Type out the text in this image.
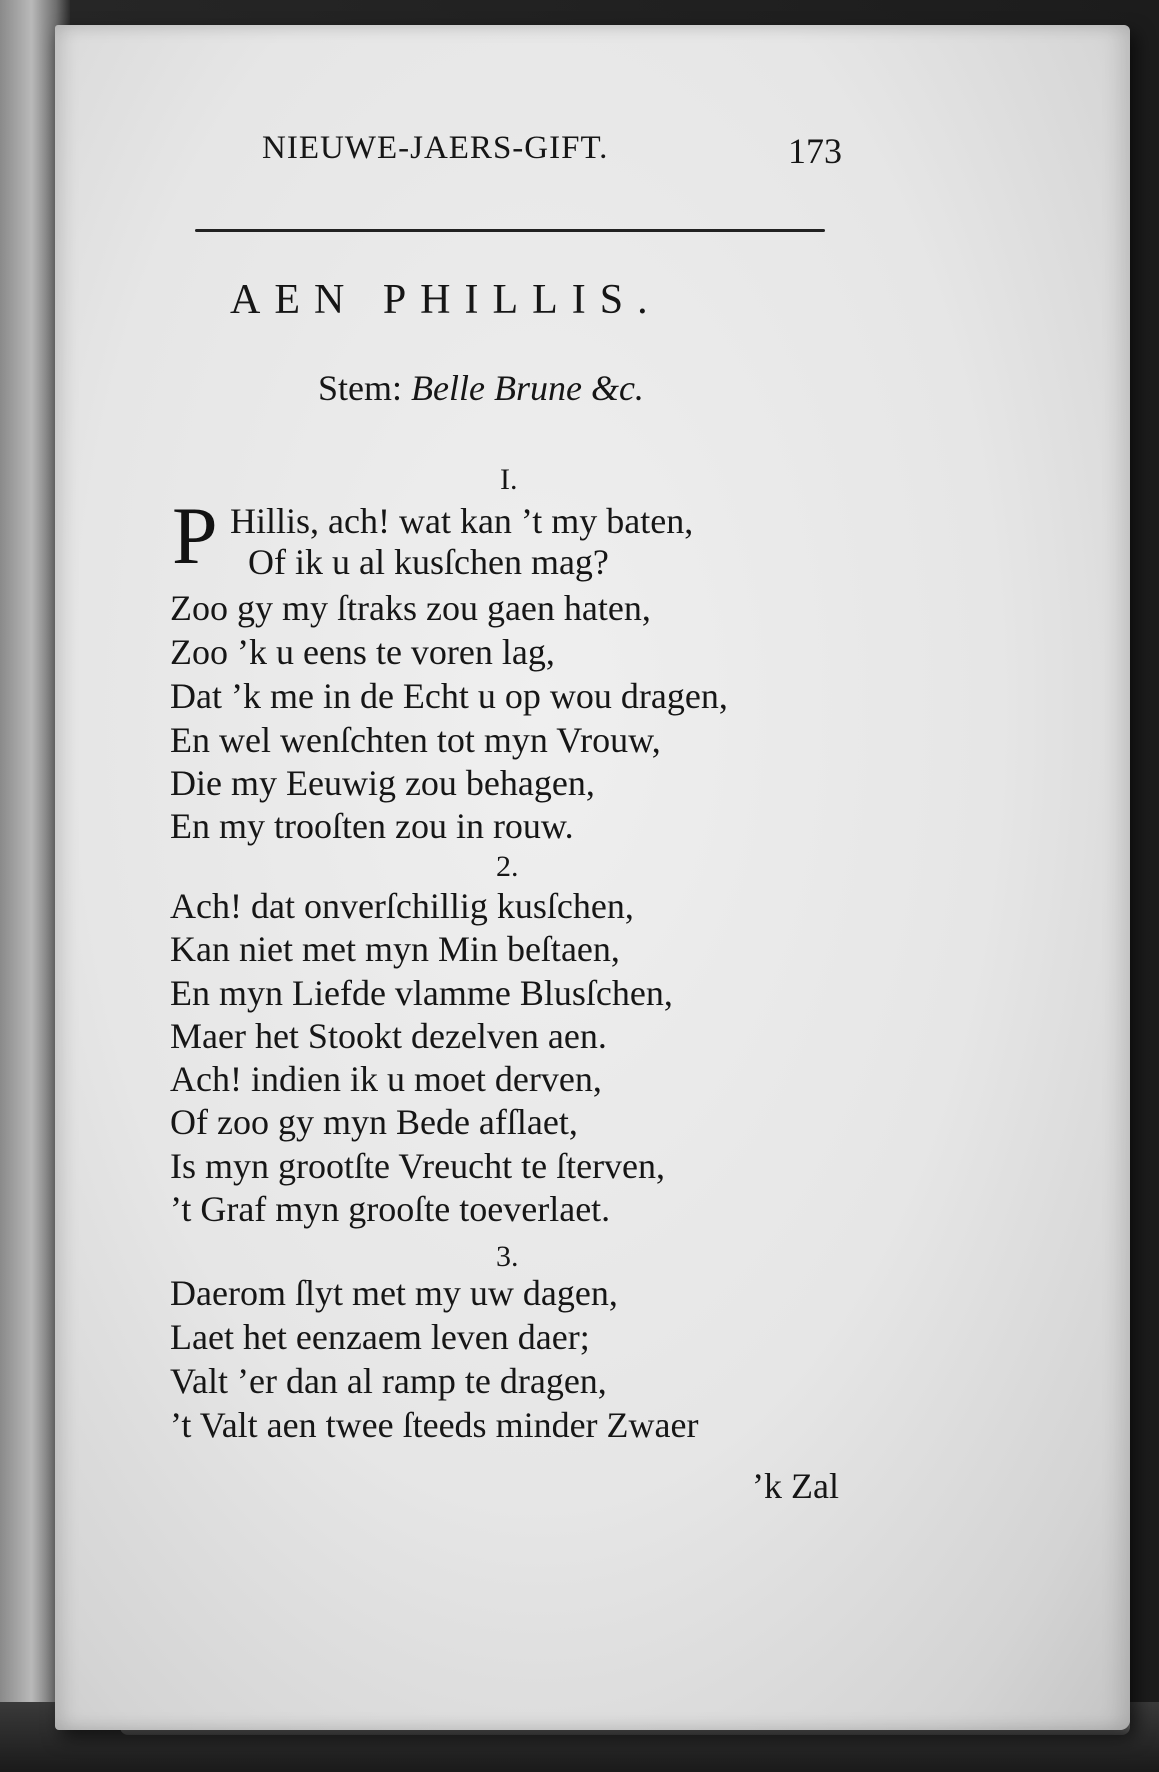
NIEUWE-JAERS-GIFT.	173
AEN PHILLIS.
Stem: Belle Brune &c.
I.
P Hillis, ach! wat kan ’t my baten,
Of ik u al kusſchen mag?
Zoo gy my ſtraks zou gaen haten,
Zoo ’k u eens te voren lag,
Dat ’k me in de Echt u op wou dragen,
En wel wenſchten tot myn Vrouw,
Die my Eeuwig zou behagen,
En my trooſten zou in rouw.
2.
Ach! dat onverſchillig kusſchen,
Kan niet met myn Min beſtaen,
En myn Liefde vlamme Blusſchen,
Maer het Stookt dezelven aen.
Ach! indien ik u moet derven,
Of zoo gy myn Bede afſlaet,
Is myn grootſte Vreucht te ſterven,
’t Graf myn grooſte toeverlaet.
3.
Daerom ſlyt met my uw dagen,
Laet het eenzaem leven daer;
Valt ’er dan al ramp te dragen,
’t Valt aen twee ſteeds minder Zwaer
’k Zal
